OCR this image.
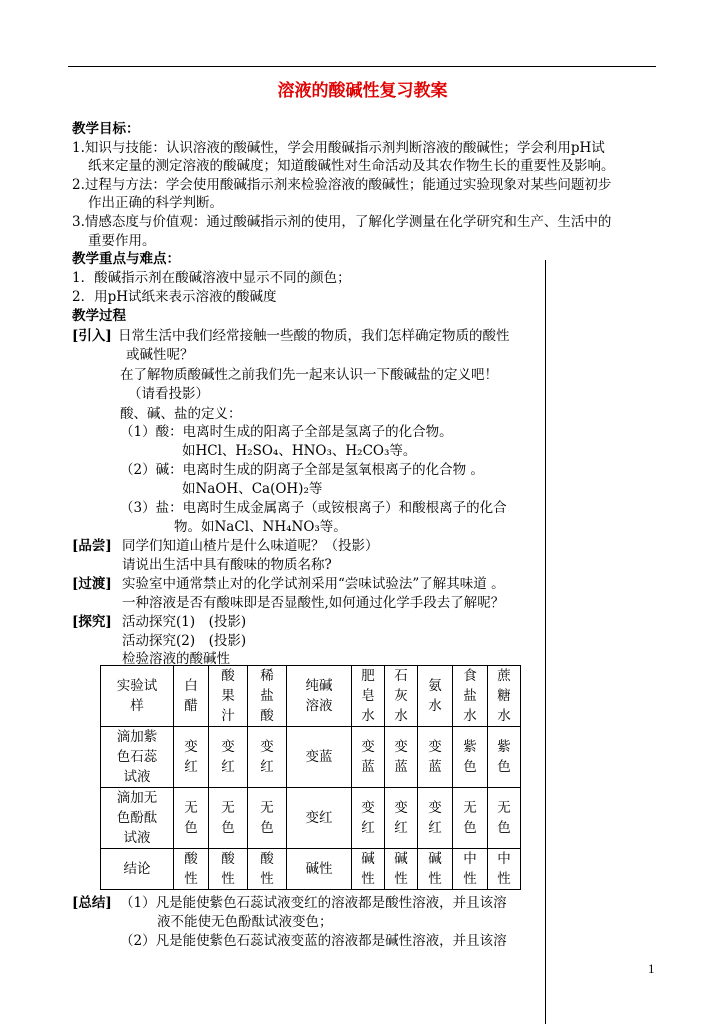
溶液的酸碱性复习教案
教学目标：
1.知识与技能：认识溶液的酸碱性，学会用酸碱指示剂判断溶液的酸碱性；学会利用pH试
纸来定量的测定溶液的酸碱度；知道酸碱性对生命活动及其农作物生长的重要性及影响。
2.过程与方法：学会使用酸碱指示剂来检验溶液的酸碱性；能通过实验现象对某些问题初步
作出正确的科学判断。
3.情感态度与价值观：通过酸碱指示剂的使用，了解化学测量在化学研究和生产、生活中的
重要作用。
教学重点与难点：
1．酸碱指示剂在酸碱溶液中显示不同的颜色；
2．用pH试纸来表示溶液的酸碱度
教学过程
[引入] 日常生活中我们经常接触一些酸的物质，我们怎样确定物质的酸性
或碱性呢？
在了解物质酸碱性之前我们先一起来认识一下酸碱盐的定义吧！
（请看投影）
酸、碱、盐的定义：
（1）酸：电离时生成的阳离子全部是氢离子的化合物。
如HCl、H₂SO₄、HNO₃、H₂CO₃等。
（2）碱：电离时生成的阴离子全部是氢氧根离子的化合物 。
如NaOH、Ca(OH)₂等
（3）盐：电离时生成金属离子（或铵根离子）和酸根离子的化合
物。如NaCl、NH₄NO₃等。
[品尝] 同学们知道山楂片是什么味道呢？（投影）
请说出生活中具有酸味的物质名称?
[过渡] 实验室中通常禁止对的化学试剂采用“尝味试验法”了解其味道 。
一种溶液是否有酸味即是否显酸性,如何通过化学手段去了解呢？
[探究] 活动探究(1)　(投影)
活动探究(2)　(投影)
检验溶液的酸碱性
实验试样	白醋	酸果汁	稀盐酸	纯碱溶液	肥皂水	石灰水	氨水	食盐水	蔗糖水

滴加紫色石蕊试液	变红	变红	变红	变蓝	变蓝	变蓝	变蓝	紫色	紫色

滴加无色酚酞试液	无色	无色	无色	变红	变红	变红	变红	无色	无色

结论	酸性	酸性	酸性	碱性	碱性	碱性	碱性	中性	中性
[总结] （1）凡是能使紫色石蕊试液变红的溶液都是酸性溶液，并且该溶
液不能使无色酚酞试液变色；
（2）凡是能使紫色石蕊试液变蓝的溶液都是碱性溶液，并且该溶
1
